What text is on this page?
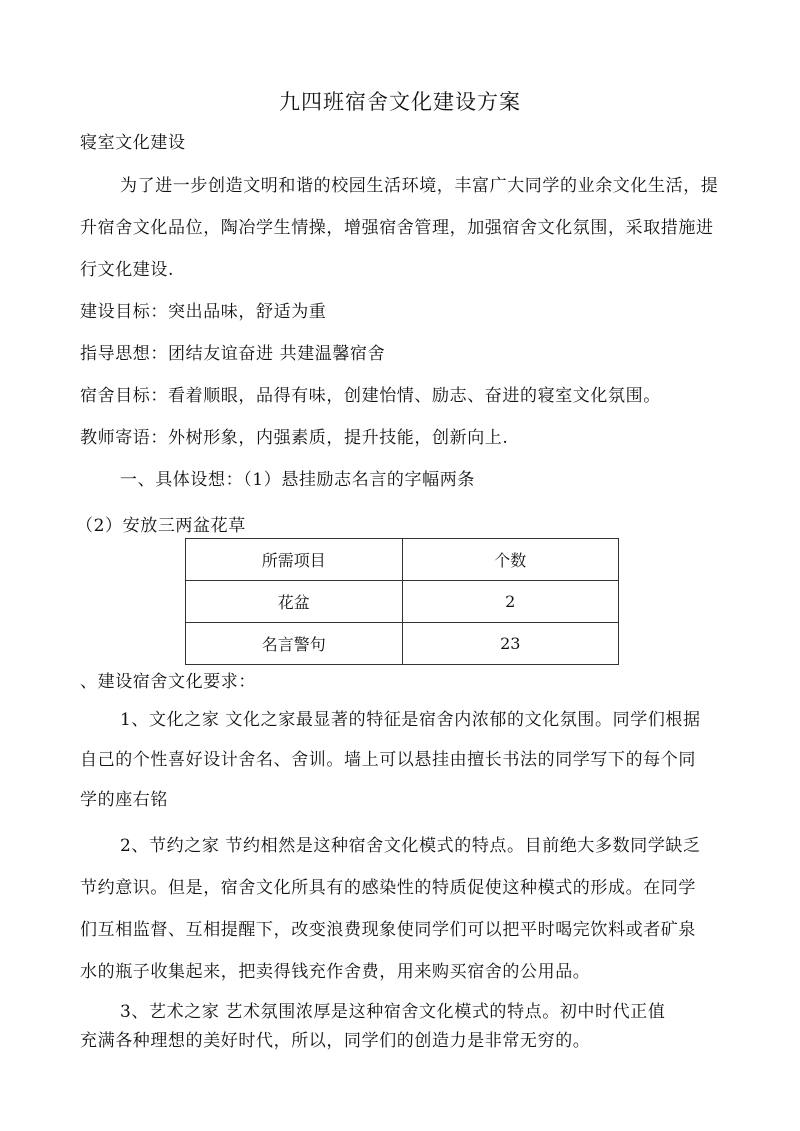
九四班宿舍文化建设方案
寝室文化建设
为了进一步创造文明和谐的校园生活环境，丰富广大同学的业余文化生活，提
升宿舍文化品位，陶冶学生情操，增强宿舍管理，加强宿舍文化氛围，采取措施进
行文化建设.
建设目标：突出品味，舒适为重
指导思想：团结友谊奋进 共建温馨宿舍
宿舍目标：看着顺眼，品得有味，创建怡情、励志、奋进的寝室文化氛围。
教师寄语：外树形象，内强素质，提升技能，创新向上.
一、具体设想：（1）悬挂励志名言的字幅两条
（2）安放三两盆花草
所需项目	个数
花盆	2
名言警句	23
、建设宿舍文化要求：
1、文化之家 文化之家最显著的特征是宿舍内浓郁的文化氛围。同学们根据
自己的个性喜好设计舍名、舍训。墙上可以悬挂由擅长书法的同学写下的每个同
学的座右铭
2、节约之家 节约相然是这种宿舍文化模式的特点。目前绝大多数同学缺乏
节约意识。但是，宿舍文化所具有的感染性的特质促使这种模式的形成。在同学
们互相监督、互相提醒下，改变浪费现象使同学们可以把平时喝完饮料或者矿泉
水的瓶子收集起来，把卖得钱充作舍费，用来购买宿舍的公用品。
3、艺术之家 艺术氛围浓厚是这种宿舍文化模式的特点。初中时代正值
充满各种理想的美好时代，所以，同学们的创造力是非常无穷的。
